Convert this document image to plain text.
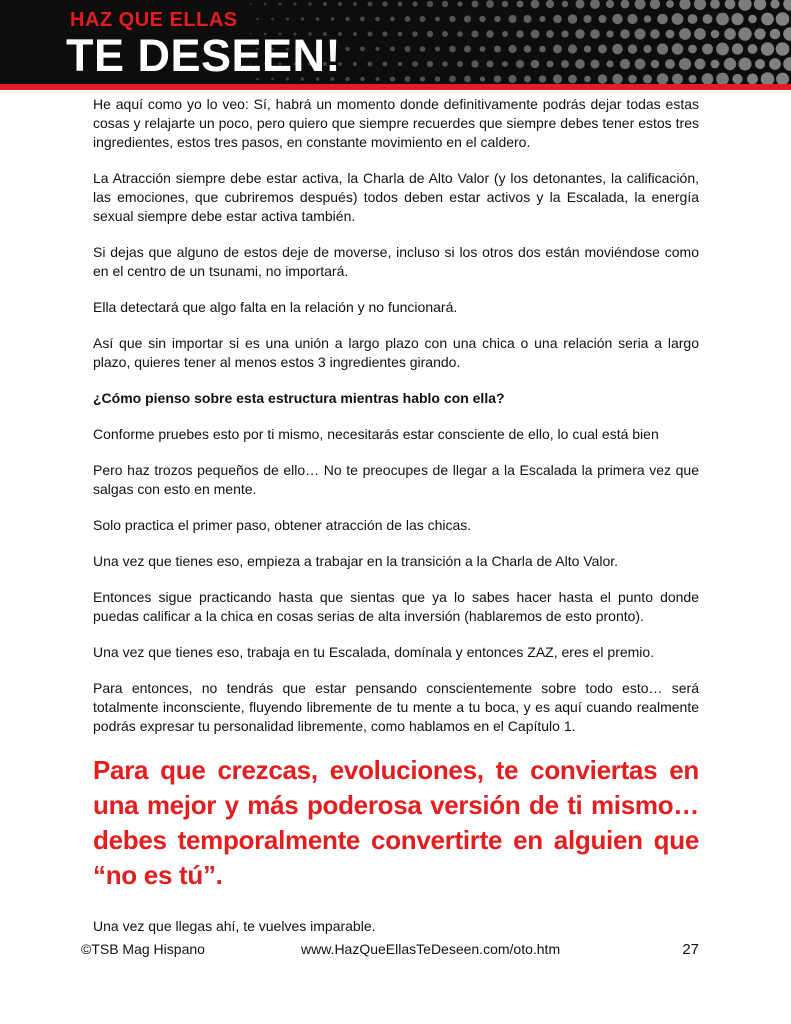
HAZ QUE ELLAS
TE DESEEN!

He aquí como yo lo veo: Sí, habrá un momento donde definitivamente podrás dejar todas estas cosas y relajarte un poco, pero quiero que siempre recuerdes que siempre debes tener estos tres ingredientes, estos tres pasos, en constante movimiento en el caldero.

La Atracción siempre debe estar activa, la Charla de Alto Valor (y los detonantes, la calificación, las emociones, que cubriremos después) todos deben estar activos y la Escalada, la energía sexual siempre debe estar activa también.

Si dejas que alguno de estos deje de moverse, incluso si los otros dos están moviéndose como en el centro de un tsunami, no importará.

Ella detectará que algo falta en la relación y no funcionará.

Así que sin importar si es una unión a largo plazo con una chica o una relación seria a largo plazo, quieres tener al menos estos 3 ingredientes girando.

¿Cómo pienso sobre esta estructura mientras hablo con ella?

Conforme pruebes esto por ti mismo, necesitarás estar consciente de ello, lo cual está bien

Pero haz trozos pequeños de ello… No te preocupes de llegar a la Escalada la primera vez que salgas con esto en mente.

Solo practica el primer paso, obtener atracción de las chicas.

Una vez que tienes eso, empieza a trabajar en la transición a la Charla de Alto Valor.

Entonces sigue practicando hasta que sientas que ya lo sabes hacer hasta el punto donde puedas calificar a la chica en cosas serias de alta inversión (hablaremos de esto pronto).

Una vez que tienes eso, trabaja en tu Escalada, domínala y entonces ZAZ, eres el premio.

Para entonces, no tendrás que estar pensando conscientemente sobre todo esto… será totalmente inconsciente, fluyendo libremente de tu mente a tu boca, y es aquí cuando realmente podrás expresar tu personalidad libremente, como hablamos en el Capítulo 1.

Para que crezcas, evoluciones, te conviertas en una mejor y más poderosa versión de ti mismo… debes temporalmente convertirte en alguien que “no es tú”.

Una vez que llegas ahí, te vuelves imparable.

©TSB Mag Hispano	www.HazQueEllasTeDeseen.com/oto.htm	27
